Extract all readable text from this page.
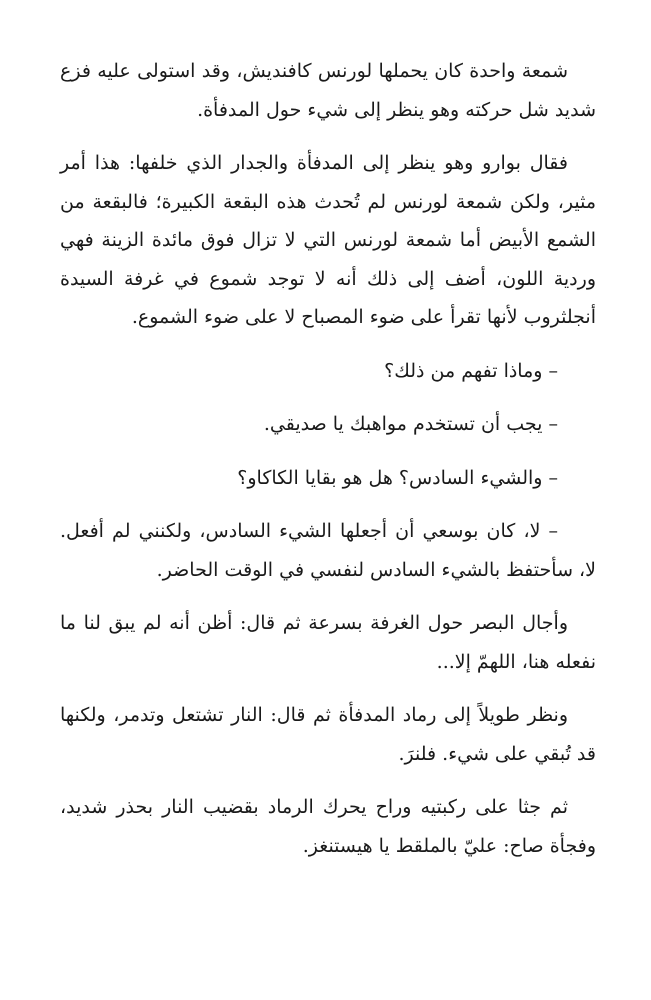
شمعة واحدة كان يحملها لورنس كافنديش، وقد استولى عليه فزع شديد شل حركته وهو ينظر إلى شيء حول المدفأة.

فقال بوارو وهو ينظر إلى المدفأة والجدار الذي خلفها: هذا أمر مثير، ولكن شمعة لورنس لم تُحدث هذه البقعة الكبيرة؛ فالبقعة من الشمع الأبيض أما شمعة لورنس التي لا تزال فوق مائدة الزينة فهي وردية اللون، أضف إلى ذلك أنه لا توجد شموع في غرفة السيدة أنجلثروب لأنها تقرأ على ضوء المصباح لا على ضوء الشموع.

– وماذا تفهم من ذلك؟

– يجب أن تستخدم مواهبك يا صديقي.

– والشيء السادس؟ هل هو بقايا الكاكاو؟

– لا، كان بوسعي أن أجعلها الشيء السادس، ولكنني لم أفعل. لا، سأحتفظ بالشيء السادس لنفسي في الوقت الحاضر.

وأجال البصر حول الغرفة بسرعة ثم قال: أظن أنه لم يبق لنا ما نفعله هنا، اللهمّ إلا...

ونظر طويلاً إلى رماد المدفأة ثم قال: النار تشتعل وتدمر، ولكنها قد تُبقي على شيء. فلنرَ.

ثم جثا على ركبتيه وراح يحرك الرماد بقضيب النار بحذر شديد، وفجأة صاح: عليّ بالملقط يا هيستنغز.
